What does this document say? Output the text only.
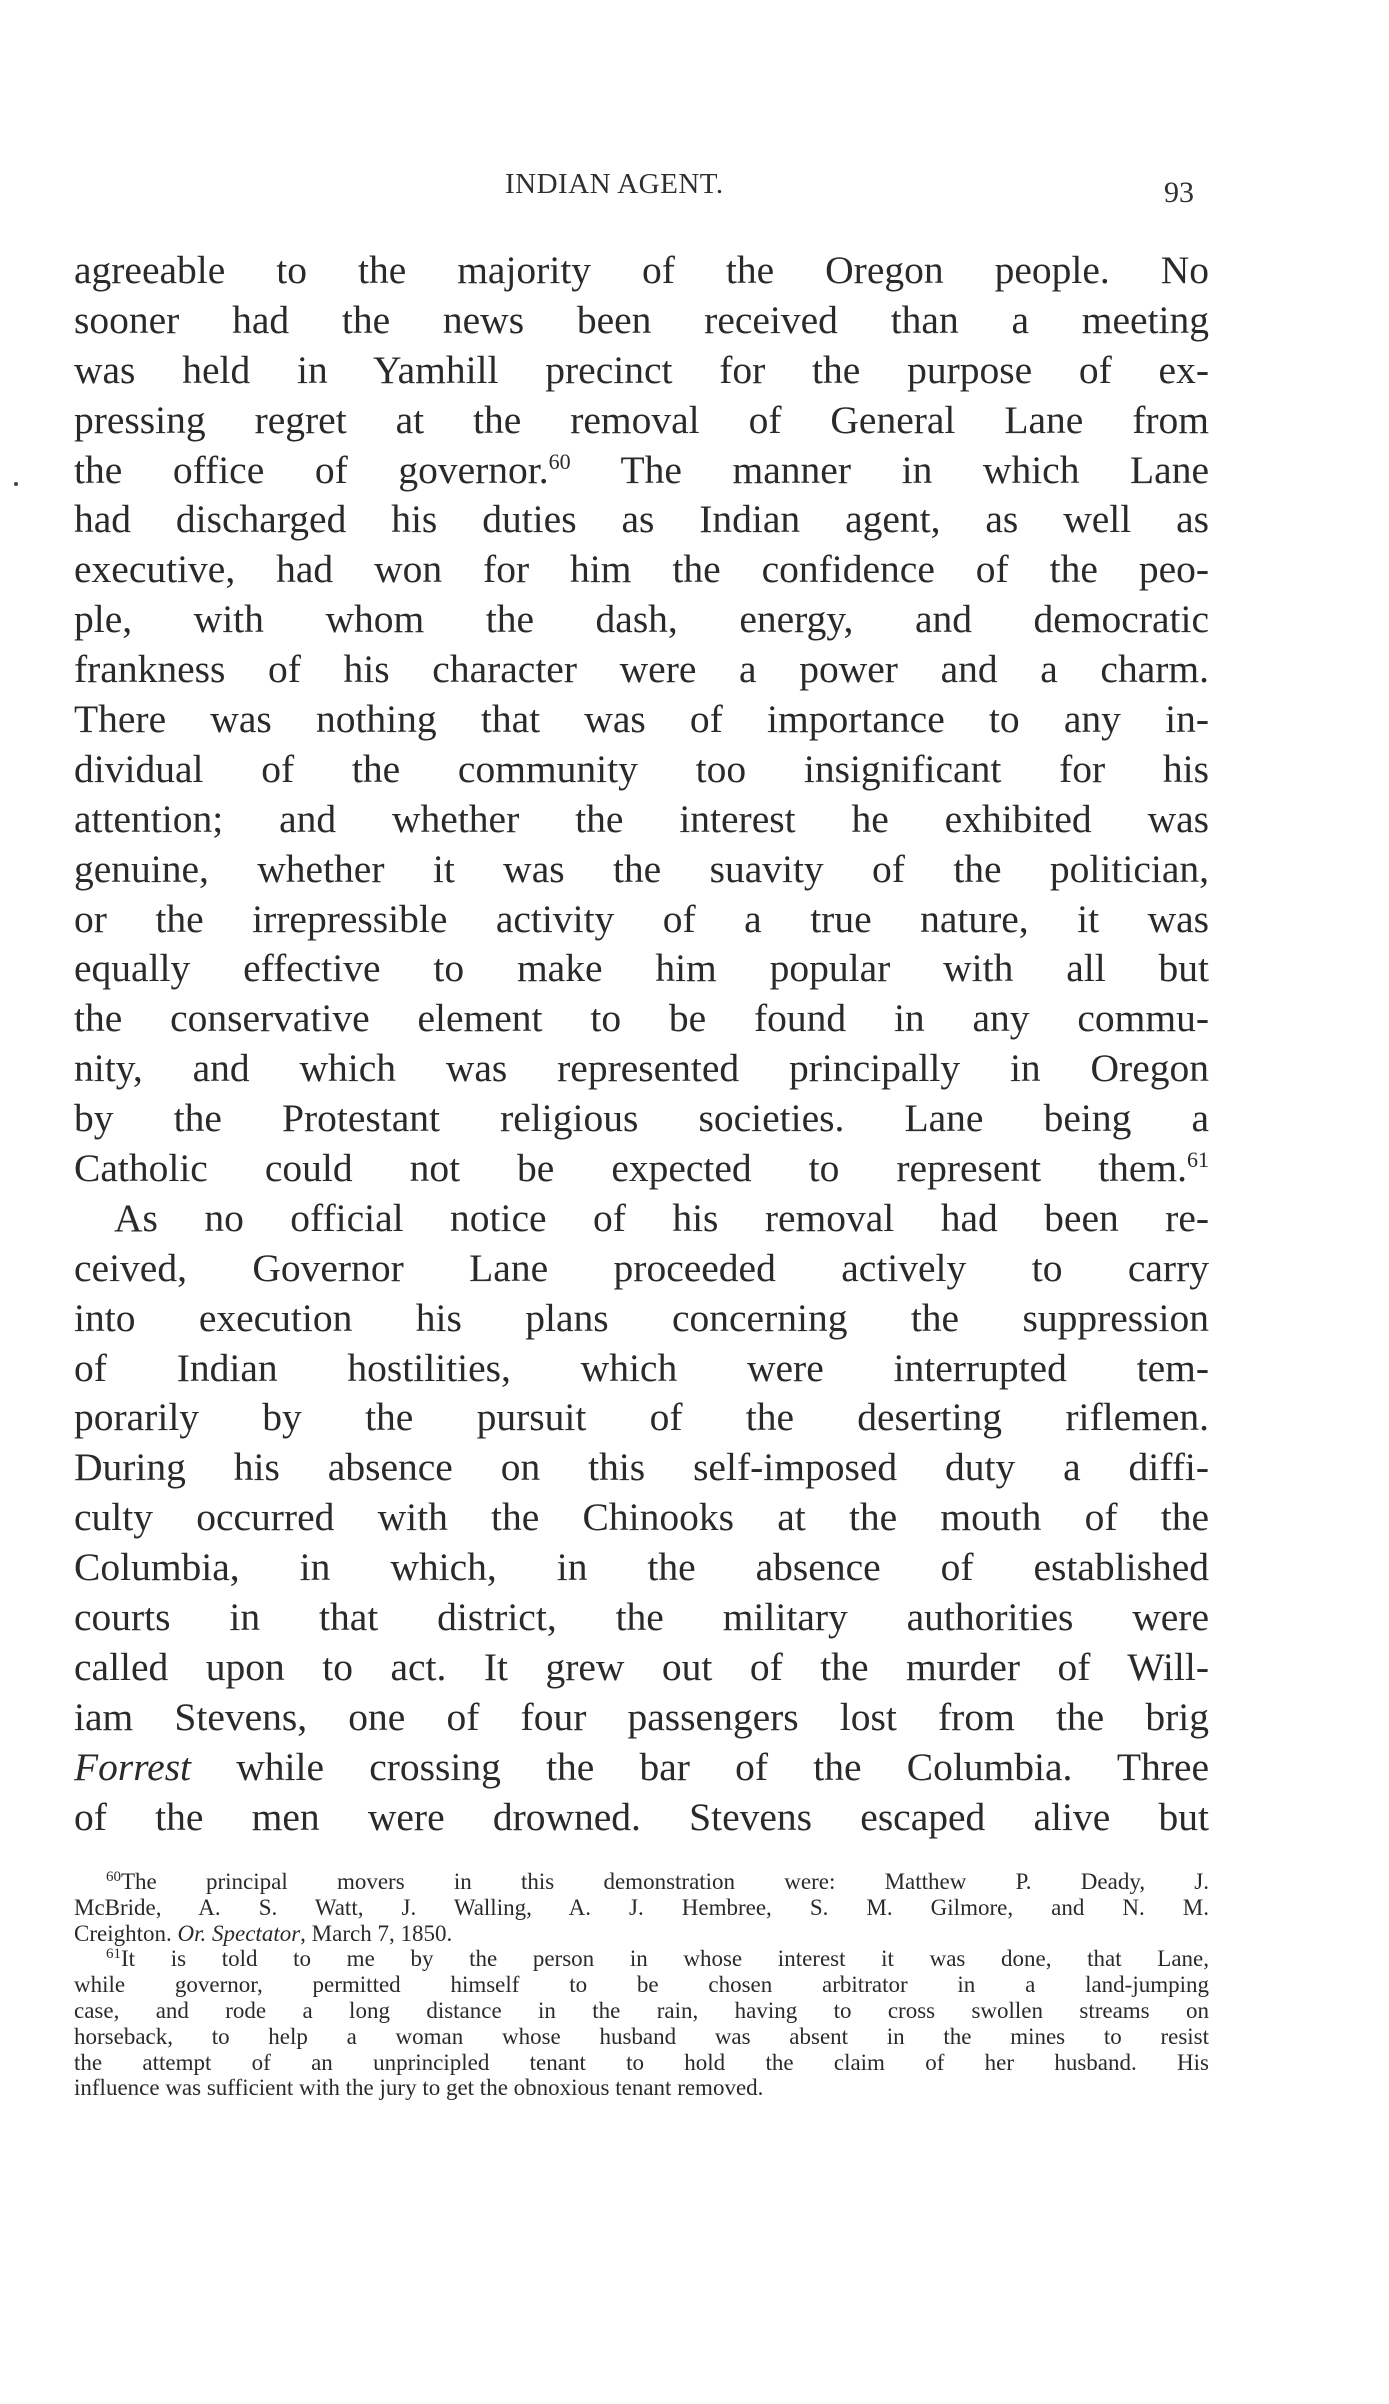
INDIAN AGENT.	93
agreeable to the majority of the Oregon people. No
sooner had the news been received than a meeting
was held in Yamhill precinct for the purpose of ex-
pressing regret at the removal of General Lane from
the office of governor.$^{60}$ The manner in which Lane
had discharged his duties as Indian agent, as well as
executive, had won for him the confidence of the peo-
ple, with whom the dash, energy, and democratic
frankness of his character were a power and a charm.
There was nothing that was of importance to any in-
dividual of the community too insignificant for his
attention; and whether the interest he exhibited was
genuine, whether it was the suavity of the politician,
or the irrepressible activity of a true nature, it was
equally effective to make him popular with all but
the conservative element to be found in any commu-
nity, and which was represented principally in Oregon
by the Protestant religious societies. Lane being a
Catholic could not be expected to represent them.$^{61}$
As no official notice of his removal had been re-
ceived, Governor Lane proceeded actively to carry
into execution his plans concerning the suppression
of Indian hostilities, which were interrupted tem-
porarily by the pursuit of the deserting riflemen.
During his absence on this self-imposed duty a diffi-
culty occurred with the Chinooks at the mouth of the
Columbia, in which, in the absence of established
courts in that district, the military authorities were
called upon to act. It grew out of the murder of Will-
iam Stevens, one of four passengers lost from the brig
Forrest while crossing the bar of the Columbia. Three
of the men were drowned. Stevens escaped alive but
$^{60}$The principal movers in this demonstration were: Matthew P. Deady, J.
McBride, A. S. Watt, J. Walling, A. J. Hembree, S. M. Gilmore, and N. M.
Creighton. Or. Spectator, March 7, 1850.
$^{61}$It is told to me by the person in whose interest it was done, that Lane,
while governor, permitted himself to be chosen arbitrator in a land-jumping
case, and rode a long distance in the rain, having to cross swollen streams on
horseback, to help a woman whose husband was absent in the mines to resist
the attempt of an unprincipled tenant to hold the claim of her husband. His
influence was sufficient with the jury to get the obnoxious tenant removed.
